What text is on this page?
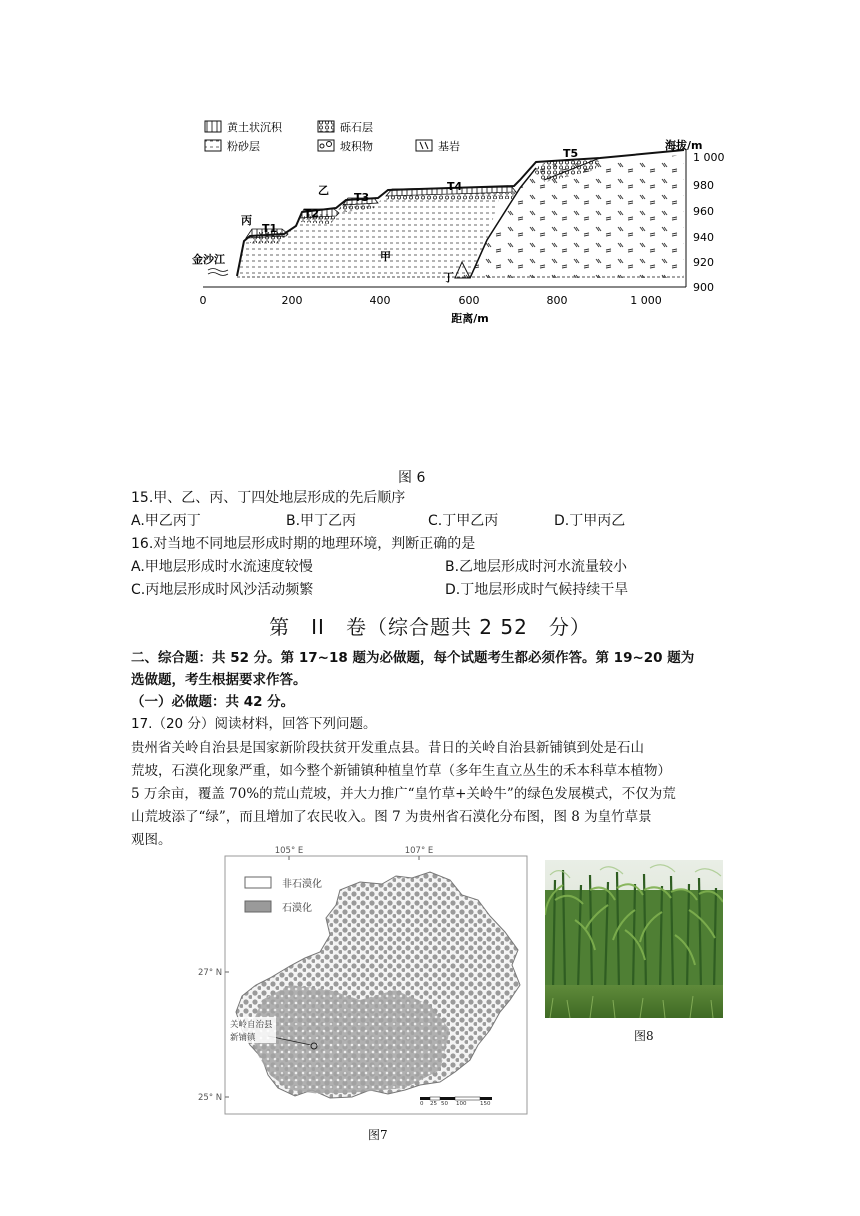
黄土状沉积	砾石层
粉砂层	坡积物	基岩
0	200	400	600	800	1 000
距离/m
1 000
980
960
940
920
900
海拔/m
T1
T2
T3
T4
T5
甲
乙
丙
丁
金沙江
图 6
15.甲、乙、丙、丁四处地层形成的先后顺序
A.甲乙丙丁	B.甲丁乙丙	C.丁甲乙丙	D.丁甲丙乙
16.对当地不同地层形成时期的地理环境，判断正确的是
A.甲地层形成时水流速度较慢	B.乙地层形成时河水流量较小
C.丙地层形成时风沙活动频繁	D.丁地层形成时气候持续干旱
第　II　卷（综合题共 2 52　分）
二、综合题：共 52 分。第 17~18 题为必做题，每个试题考生都必须作答。第 19~20 题为
选做题，考生根据要求作答。
（一）必做题：共 42 分。
17.（20 分）阅读材料，回答下列问题。
贵州省关岭自治县是国家新阶段扶贫开发重点县。昔日的关岭自治县新铺镇到处是石山
荒坡，石漠化现象严重，如今整个新铺镇种植皇竹草（多年生直立丛生的禾本科草本植物）
5 万余亩，覆盖 70%的荒山荒坡，并大力推广“皇竹草+关岭牛”的绿色发展模式，不仅为荒
山荒坡添了“绿”，而且增加了农民收入。图 7 为贵州省石漠化分布图，图 8 为皇竹草景
观图。
105° E	107° E
27° N
25° N
非石漠化
石漠化
关岭自治县
新铺镇
0 25 50 100 150
图7
图8
